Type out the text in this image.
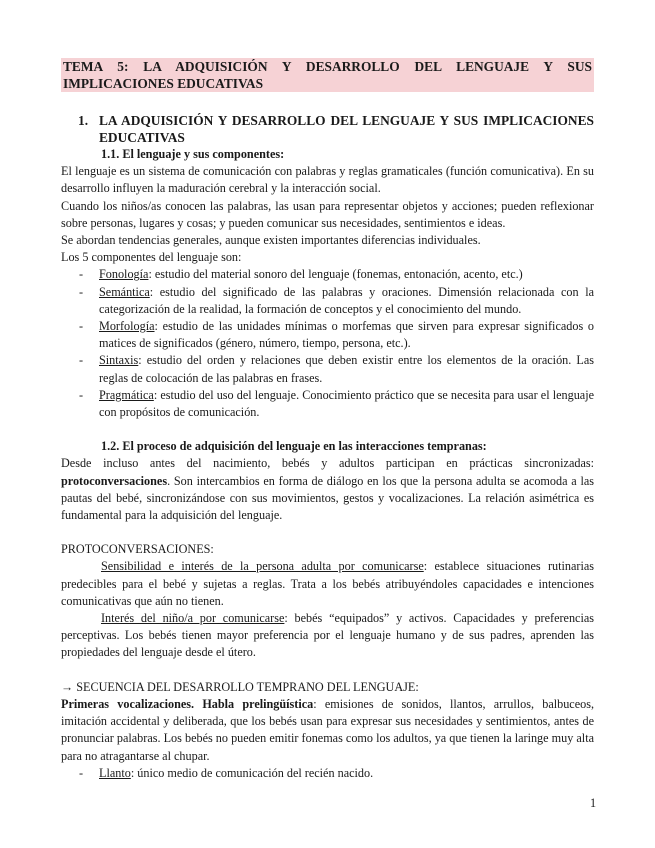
TEMA 5: LA ADQUISICIÓN Y DESARROLLO DEL LENGUAJE Y SUS IMPLICACIONES EDUCATIVAS

1. LA ADQUISICIÓN Y DESARROLLO DEL LENGUAJE Y SUS IMPLICACIONES EDUCATIVAS
1.1. El lenguaje y sus componentes:

El lenguaje es un sistema de comunicación con palabras y reglas gramaticales (función comunicativa). En su desarrollo influyen la maduración cerebral y la interacción social.

Cuando los niños/as conocen las palabras, las usan para representar objetos y acciones; pueden reflexionar sobre personas, lugares y cosas; y pueden comunicar sus necesidades, sentimientos e ideas.

Se abordan tendencias generales, aunque existen importantes diferencias individuales.

Los 5 componentes del lenguaje son:

-	Fonología: estudio del material sonoro del lenguaje (fonemas, entonación, acento, etc.)
-	Semántica: estudio del significado de las palabras y oraciones. Dimensión relacionada con la categorización de la realidad, la formación de conceptos y el conocimiento del mundo.
-	Morfología: estudio de las unidades mínimas o morfemas que sirven para expresar significados o matices de significados (género, número, tiempo, persona, etc.).
-	Sintaxis: estudio del orden y relaciones que deben existir entre los elementos de la oración. Las reglas de colocación de las palabras en frases.
-	Pragmática: estudio del uso del lenguaje. Conocimiento práctico que se necesita para usar el lenguaje con propósitos de comunicación.
1.2. El proceso de adquisición del lenguaje en las interacciones tempranas:

Desde incluso antes del nacimiento, bebés y adultos participan en prácticas sincronizadas: protoconversaciones. Son intercambios en forma de diálogo en los que la persona adulta se acomoda a las pautas del bebé, sincronizándose con sus movimientos, gestos y vocalizaciones. La relación asimétrica es fundamental para la adquisición del lenguaje.

PROTOCONVERSACIONES:

Sensibilidad e interés de la persona adulta por comunicarse: establece situaciones rutinarias predecibles para el bebé y sujetas a reglas. Trata a los bebés atribuyéndoles capacidades e intenciones comunicativas que aún no tienen.

Interés del niño/a por comunicarse: bebés “equipados” y activos. Capacidades y preferencias perceptivas. Los bebés tienen mayor preferencia por el lenguaje humano y de sus padres, aprenden las propiedades del lenguaje desde el útero.

→ SECUENCIA DEL DESARROLLO TEMPRANO DEL LENGUAJE:

Primeras vocalizaciones. Habla prelingüística: emisiones de sonidos, llantos, arrullos, balbuceos, imitación accidental y deliberada, que los bebés usan para expresar sus necesidades y sentimientos, antes de pronunciar palabras. Los bebés no pueden emitir fonemas como los adultos, ya que tienen la laringe muy alta para no atragantarse al chupar.

-	Llanto: único medio de comunicación del recién nacido.
1
